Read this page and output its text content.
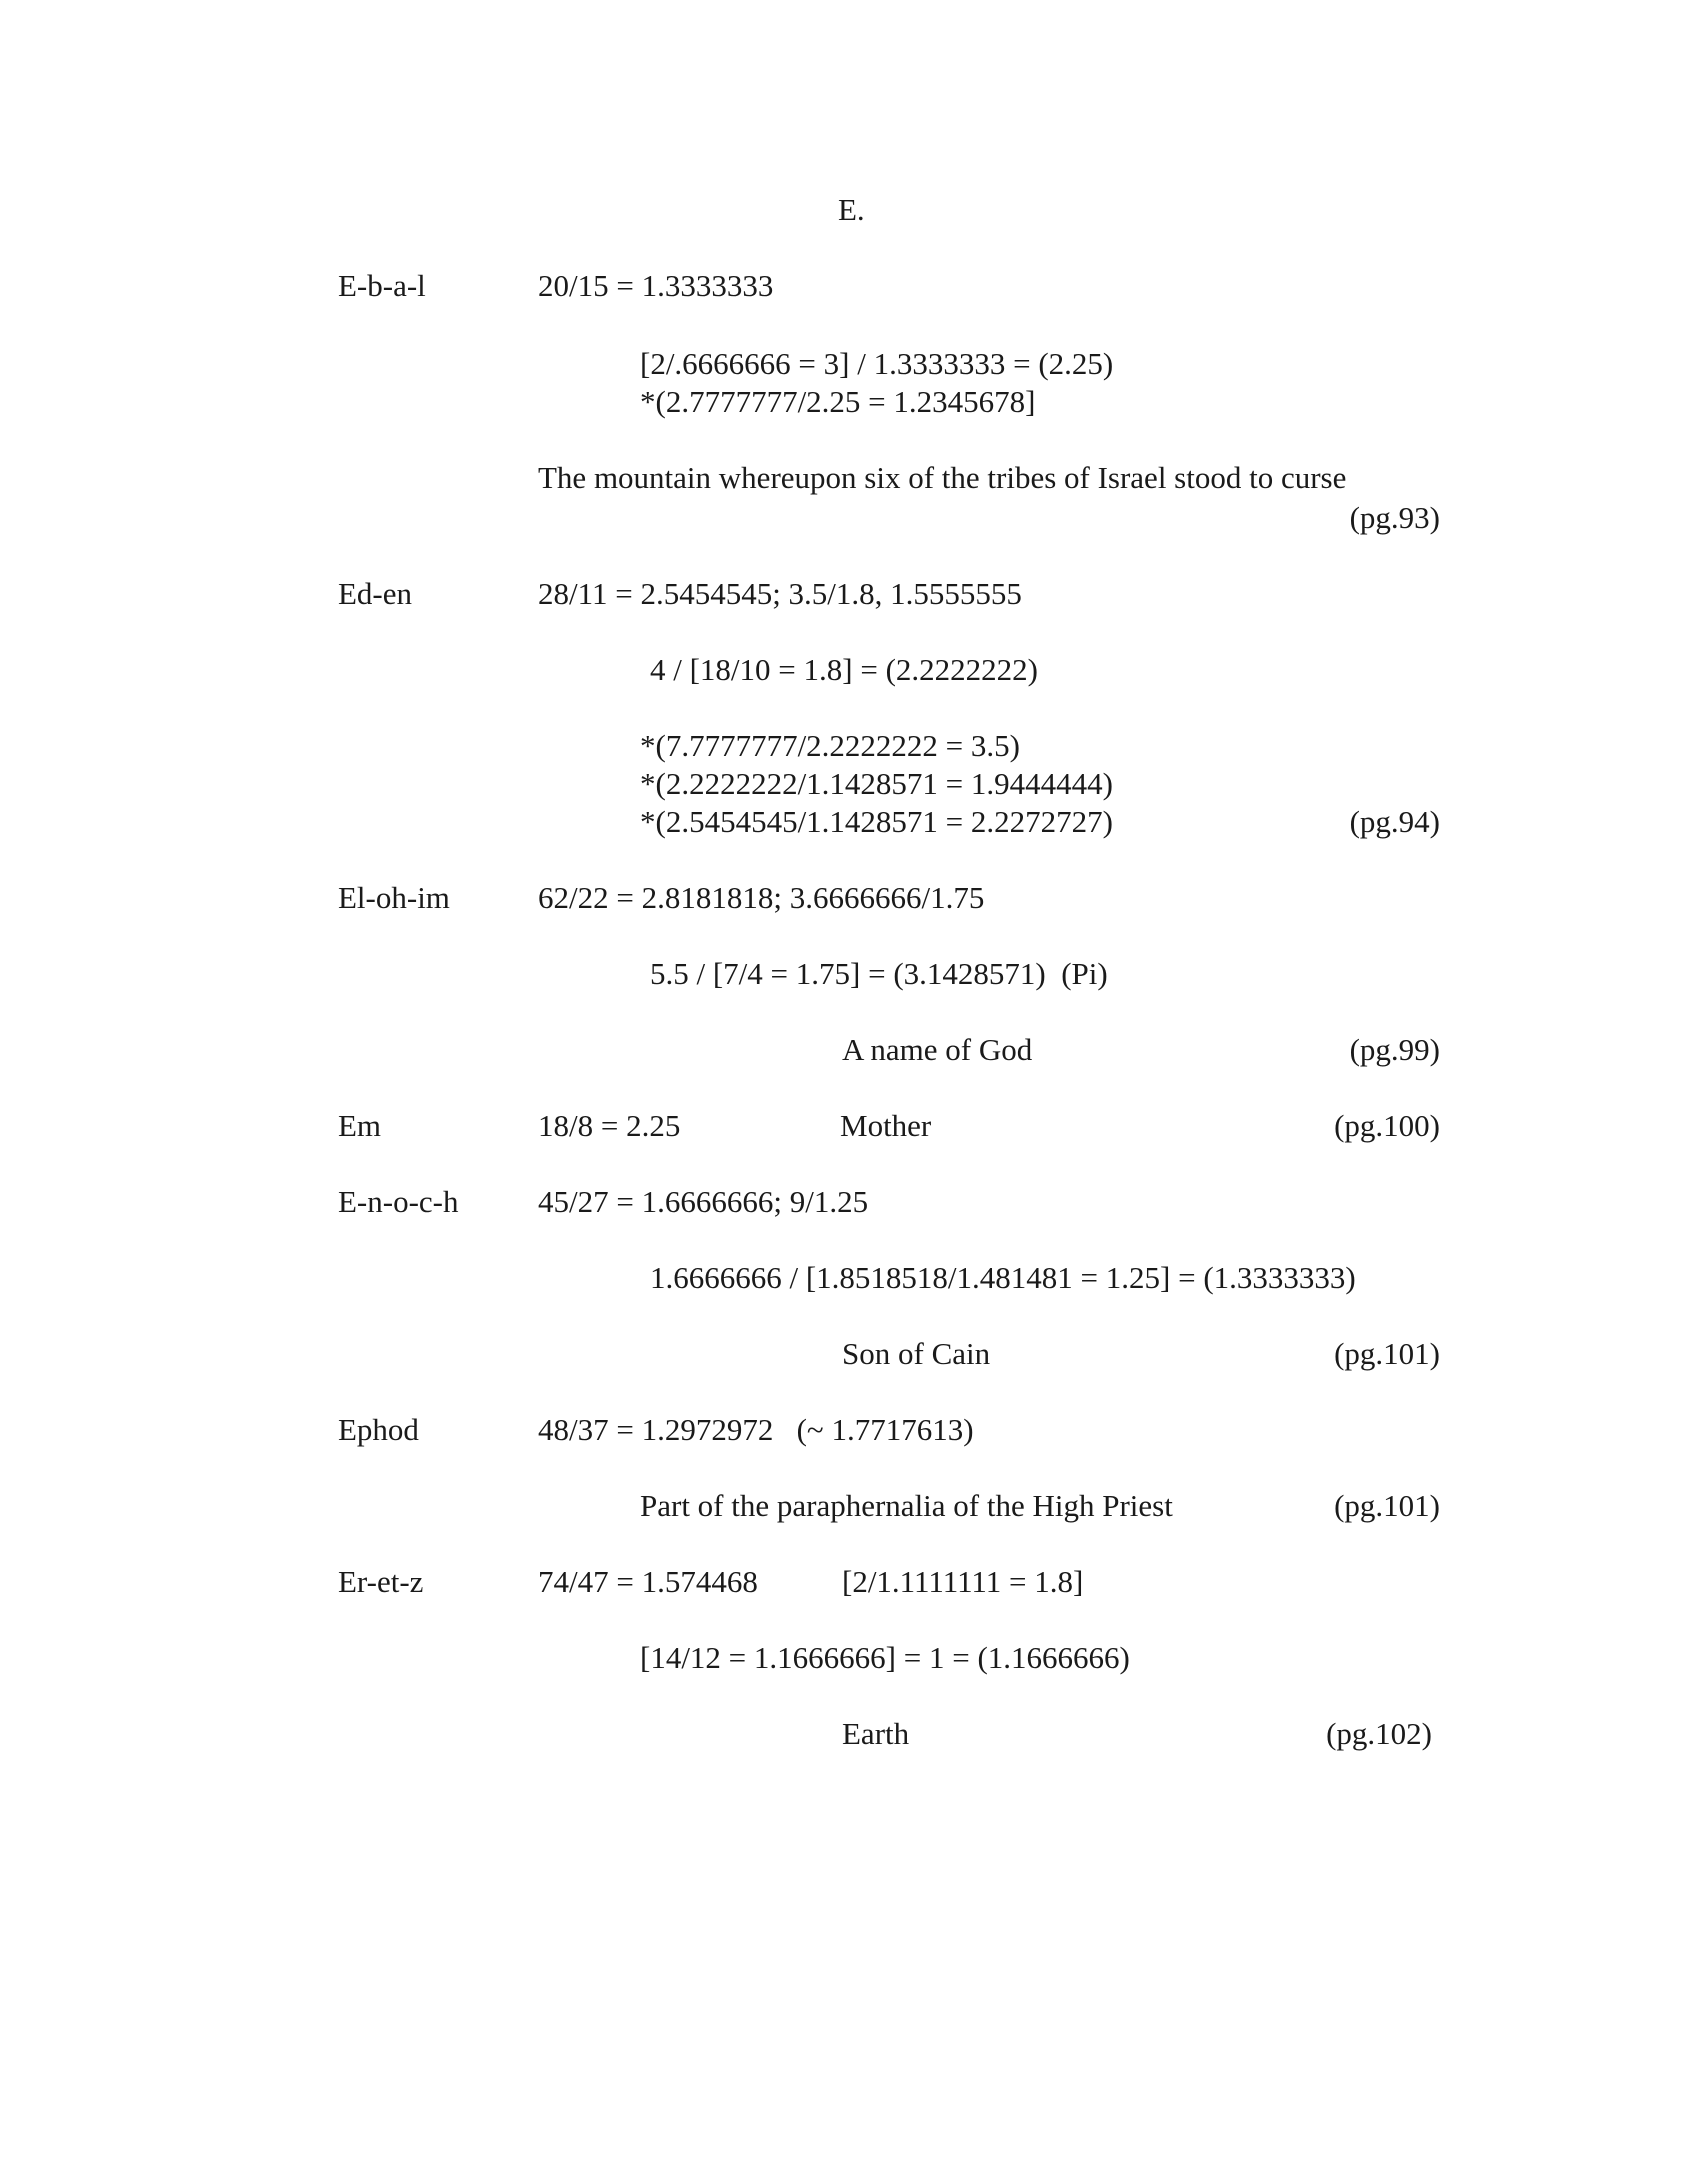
E.
E-b-a-l	20/15 = 1.3333333
[2/.6666666 = 3] / 1.3333333 = (2.25)
*(2.7777777/2.25 = 1.2345678]
The mountain whereupon six of the tribes of Israel stood to curse
(pg.93)
Ed-en	28/11 = 2.5454545; 3.5/1.8, 1.5555555
4 / [18/10 = 1.8] = (2.2222222)
*(7.7777777/2.2222222 = 3.5)
*(2.2222222/1.1428571 = 1.9444444)
*(2.5454545/1.1428571 = 2.2272727)	(pg.94)
El-oh-im	62/22 = 2.8181818; 3.6666666/1.75
5.5 / [7/4 = 1.75] = (3.1428571)  (Pi)
A name of God	(pg.99)
Em	18/8 = 2.25	Mother	(pg.100)
E-n-o-c-h	45/27 = 1.6666666; 9/1.25
1.6666666 / [1.8518518/1.481481 = 1.25] = (1.3333333)
Son of Cain	(pg.101)
Ephod	48/37 = 1.2972972   (~ 1.7717613)
Part of the paraphernalia of the High Priest	(pg.101)
Er-et-z	74/47 = 1.574468	[2/1.1111111 = 1.8]
[14/12 = 1.1666666] = 1 = (1.1666666)
Earth	(pg.102)
